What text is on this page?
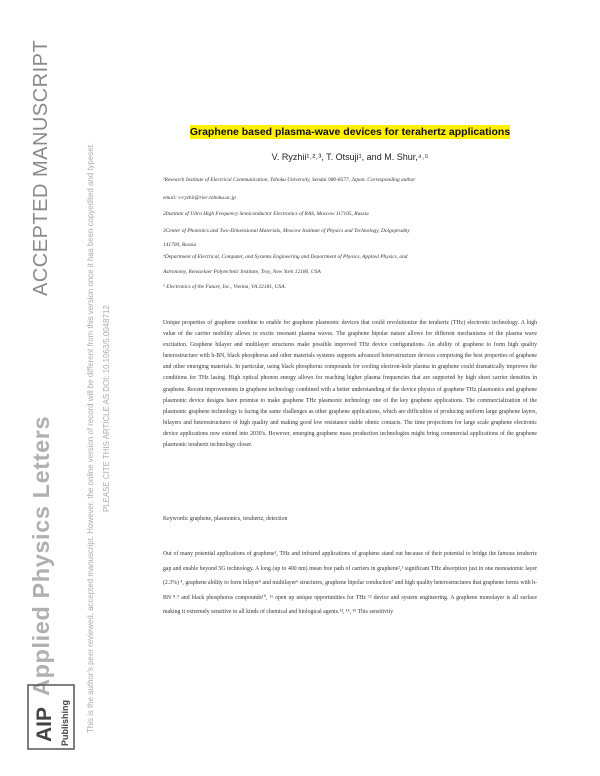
Applied Physics Letters
ACCEPTED MANUSCRIPT	This is the author's peer reviewed, accepted manuscript. However, the online version of record will be different from this version once it has been copyedited and typeset. PLEASE CITE THIS ARTICLE AS DOI: 10.1063/5.0048712
AIP Publishing
Graphene based plasma-wave devices for terahertz applications
V. Ryzhii¹˒²˒³, T. Otsuji¹, and M. Shur,⁴˒⁵

¹Research Institute of Electrical Communication, Tohoku University, Sendai 980-8577, Japan. Corresponding author

email: v-ryzhii@riec.tohoku.ac.jp

2Institute of Ultra High Frequency Semiconductor Electronics of RAS, Moscow 117105, Russia

3Center of Photonics and Two-Dimensional Materials, Moscow Institute of Physics and Technology, Dolgoprudny

141700, Russia

⁴Department of Electrical, Computer, and Systems Engineering and Department of Physics, Applied Physics, and

Astronomy, Rensselaer Polytechnic Institute, Troy, New York 12180, USA

⁵ Electronics of the Future, Inc., Vienna, VA 22181, USA.

Unique properties of graphene combine to enable for graphene plasmonic devices that could revolutionize the terahertz (THz) electronic technology. A high value of the carrier mobility allows to excite resonant plasma waves. The graphene bipolar nature allows for different mechanisms of the plasma wave excitation. Graphene bilayer and multilayer structures make possible improved THz device configurations. An ability of graphene to form high quality heterostructure with h-BN, black phosphorus and other materials systems supports advanced heterostructure devices comprising the best properties of graphene and other emerging materials. In particular, using black phosphorus compounds for cooling electron-hole plasma in graphene could dramatically improves the conditions for THz lasing. High optical phonon energy allows for reaching higher plasma frequencies that are supported by high sheet carrier densities in graphene. Recent improvements in graphene technology combined with a better understanding of the device physics of graphene THz plasmonics and graphene plasmonic device designs have promise to make graphene THz plasmonic technology one of the key graphene applications. The commercialization of the plasmonic graphene technology is facing the same challenges as other graphene applications, which are difficulties of producing uniform large graphene layers, bilayers and heterostructures of high quality and making good low resistance stable ohmic contacts. The time projections for large scale graphene electronic device applications now extend into 2030's. However, emerging graphene mass production technologies might bring commercial applications of the graphene plasmonic terahertz technology closer.

Keywords: graphene, plasmonics, terahertz, detection

Out of many potential applications of graphene¹, THz and infrared applications of graphene stand out because of their potential to bridge the famous terahertz gap and enable beyond 5G technology. A long (up to 400 nm) mean free path of carriers in graphene²,³ significant THz absorption just in one monoatomic layer (2.3%) ⁴, graphene ability to form bilayer⁵ and multilayer⁶ structures, graphene bipolar conduction⁷ and high quality heterostructures that graphene forms with h-BN ⁸˒⁹ and black phosphorus compounds¹⁰, ¹¹ open up unique opportunities for THz ¹² device and system engineering. A graphene monolayer is all surface making it extremely sensitive to all kinds of chemical and biological agents.¹³, ¹⁴, ¹⁵ This sensitivity
